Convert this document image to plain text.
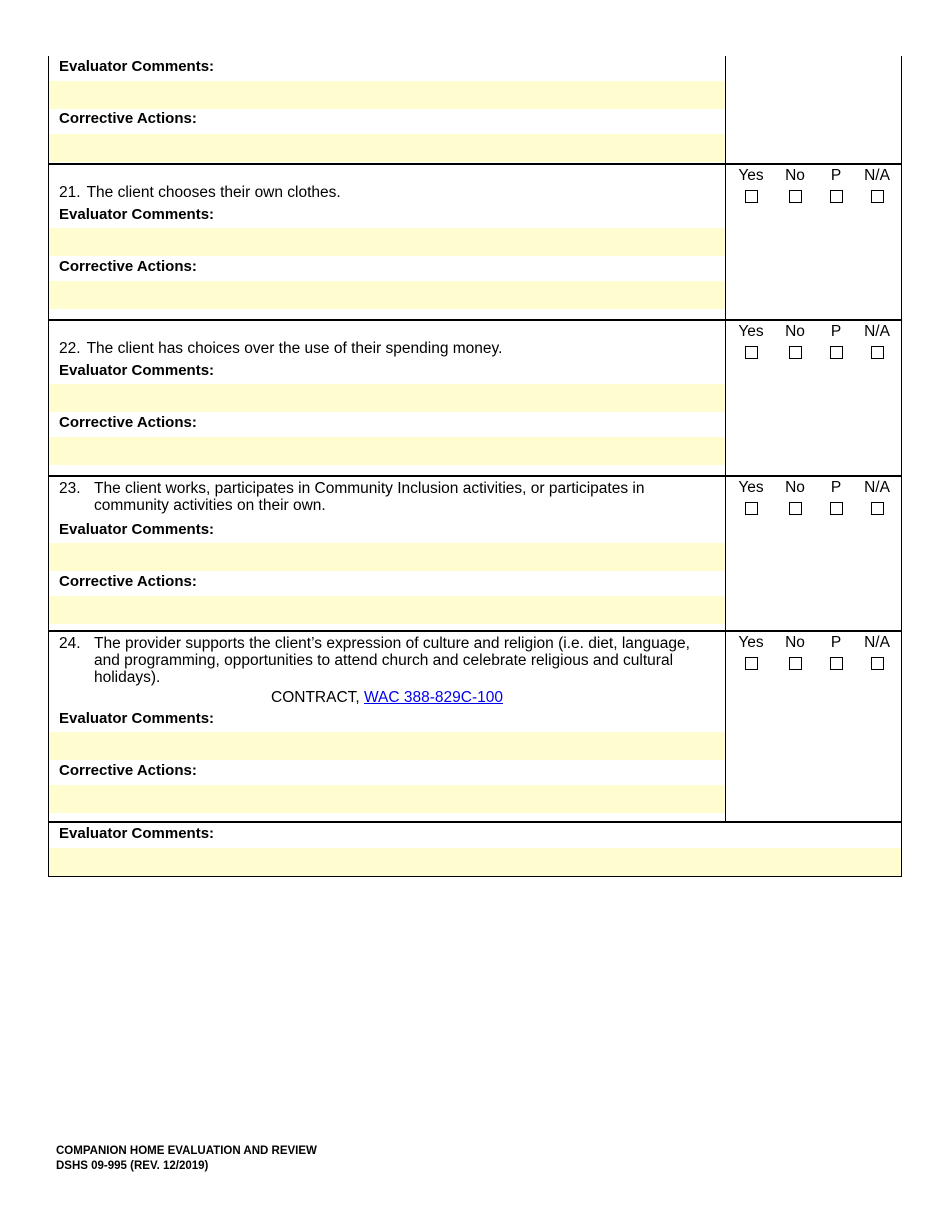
Evaluator Comments:
Corrective Actions:
21. The client chooses their own clothes.
Evaluator Comments:
Corrective Actions:
Yes	No	P	N/A
22. The client has choices over the use of their spending money.
Evaluator Comments:
Corrective Actions:
Yes	No	P	N/A
23. The client works, participates in Community Inclusion activities, or participates in community activities on their own.
Evaluator Comments:
Corrective Actions:
Yes	No	P	N/A
24. The provider supports the client’s expression of culture and religion (i.e. diet, language, and programming, opportunities to attend church and celebrate religious and cultural holidays).
CONTRACT, WAC 388-829C-100
Evaluator Comments:
Corrective Actions:
Yes	No	P	N/A
Evaluator Comments:
COMPANION HOME EVALUATION AND REVIEW
DSHS 09-995 (REV. 12/2019)
